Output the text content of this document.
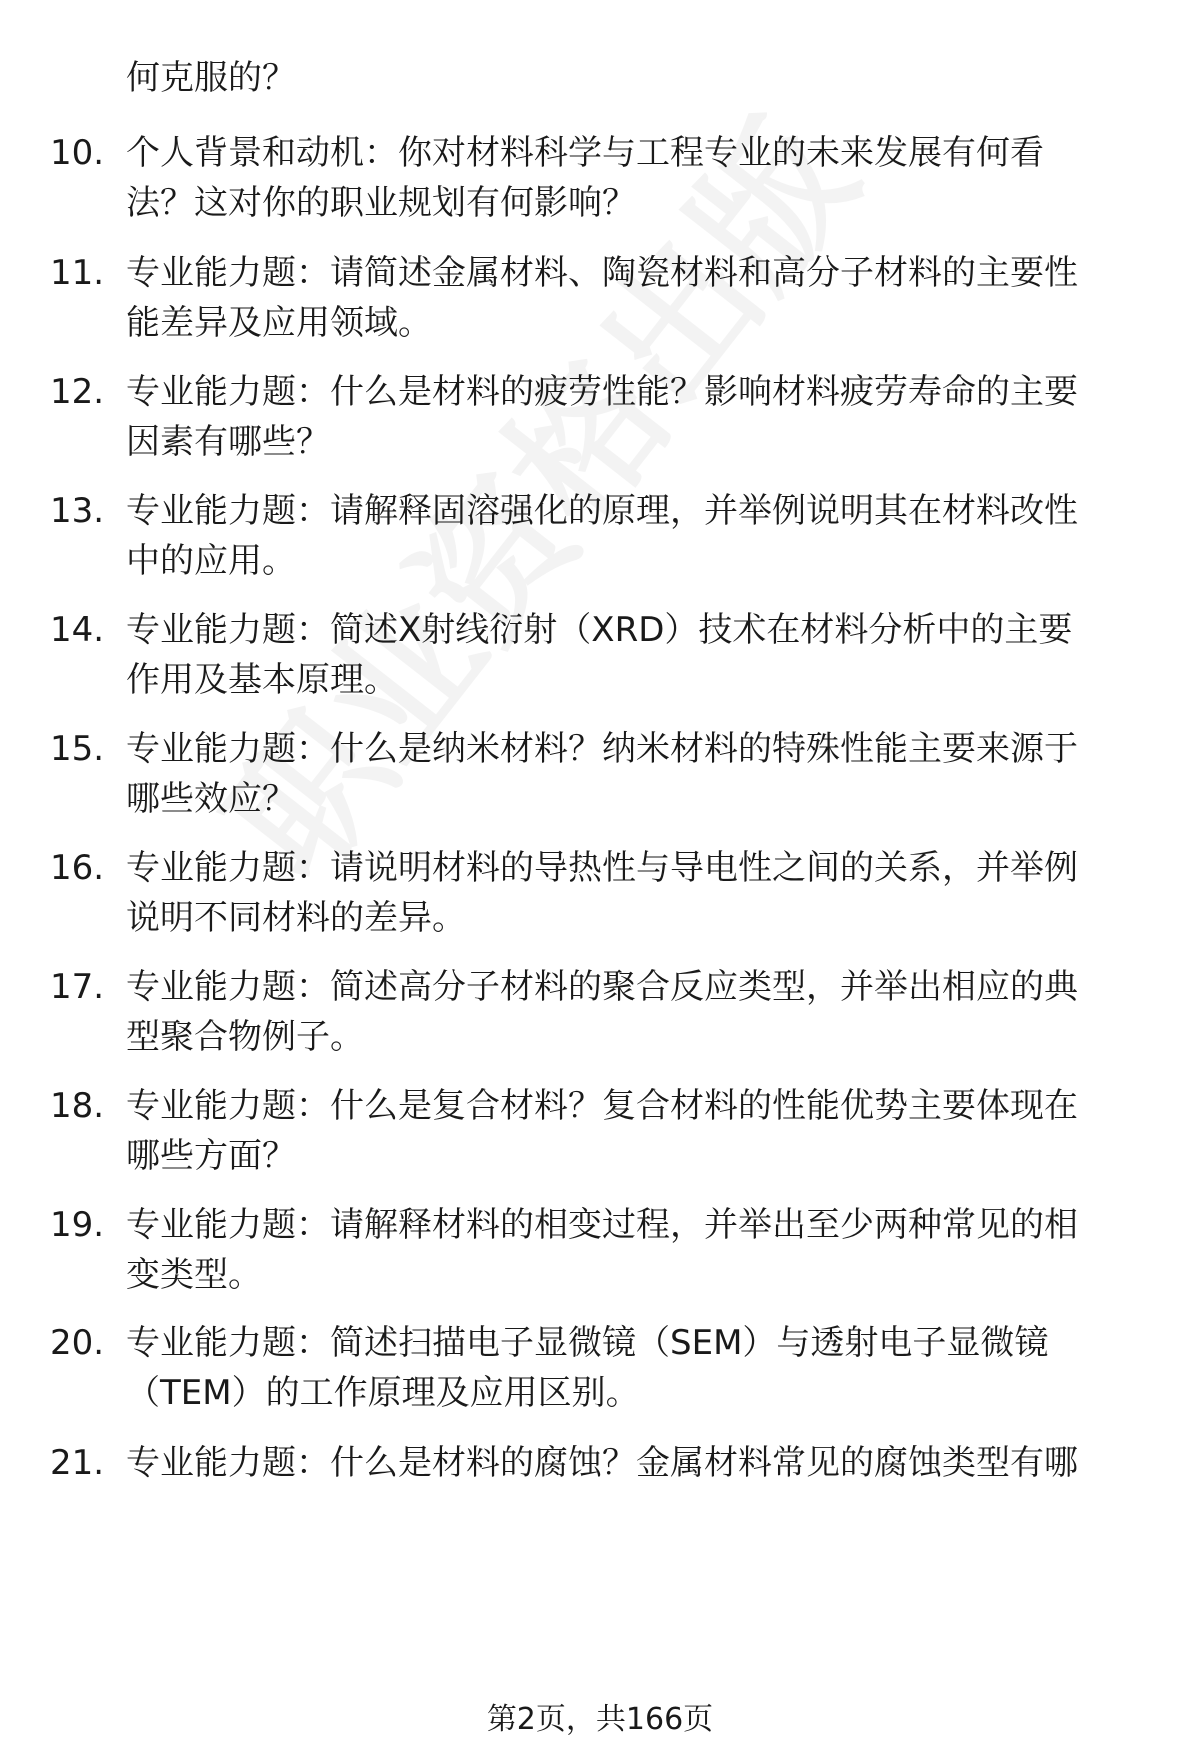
何克服的？
10. 个人背景和动机：你对材料科学与工程专业的未来发展有何看
法？这对你的职业规划有何影响？
11. 专业能力题：请简述金属材料、陶瓷材料和高分子材料的主要性
能差异及应用领域。
12. 专业能力题：什么是材料的疲劳性能？影响材料疲劳寿命的主要
因素有哪些？
13. 专业能力题：请解释固溶强化的原理，并举例说明其在材料改性
中的应用。
14. 专业能力题：简述X射线衍射（XRD）技术在材料分析中的主要
作用及基本原理。
15. 专业能力题：什么是纳米材料？纳米材料的特殊性能主要来源于
哪些效应？
16. 专业能力题：请说明材料的导热性与导电性之间的关系，并举例
说明不同材料的差异。
17. 专业能力题：简述高分子材料的聚合反应类型，并举出相应的典
型聚合物例子。
18. 专业能力题：什么是复合材料？复合材料的性能优势主要体现在
哪些方面？
19. 专业能力题：请解释材料的相变过程，并举出至少两种常见的相
变类型。
20. 专业能力题：简述扫描电子显微镜（SEM）与透射电子显微镜
（TEM）的工作原理及应用区别。
21. 专业能力题：什么是材料的腐蚀？金属材料常见的腐蚀类型有哪
第2页，共166页
